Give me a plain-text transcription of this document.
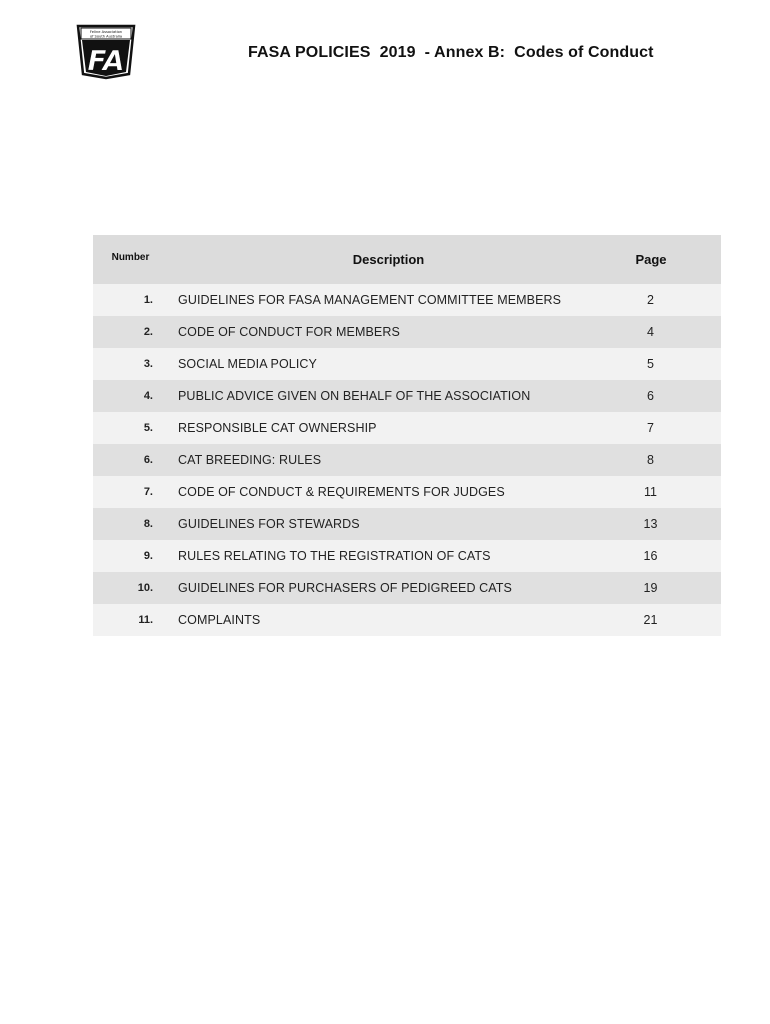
Feline Association
of South Australia
FA	FASA POLICIES  2019  - Annex B:  Codes of Conduct
Number	Description	Page
1.	GUIDELINES FOR FASA MANAGEMENT COMMITTEE MEMBERS	2
2.	CODE OF CONDUCT FOR MEMBERS	4
3.	SOCIAL MEDIA POLICY	5
4.	PUBLIC ADVICE GIVEN ON BEHALF OF THE ASSOCIATION	6
5.	RESPONSIBLE CAT OWNERSHIP	7
6.	CAT BREEDING: RULES	8
7.	CODE OF CONDUCT & REQUIREMENTS FOR JUDGES	11
8.	GUIDELINES FOR STEWARDS	13
9.	RULES RELATING TO THE REGISTRATION OF CATS	16
10.	GUIDELINES FOR PURCHASERS OF PEDIGREED CATS	19
11.	COMPLAINTS	21
